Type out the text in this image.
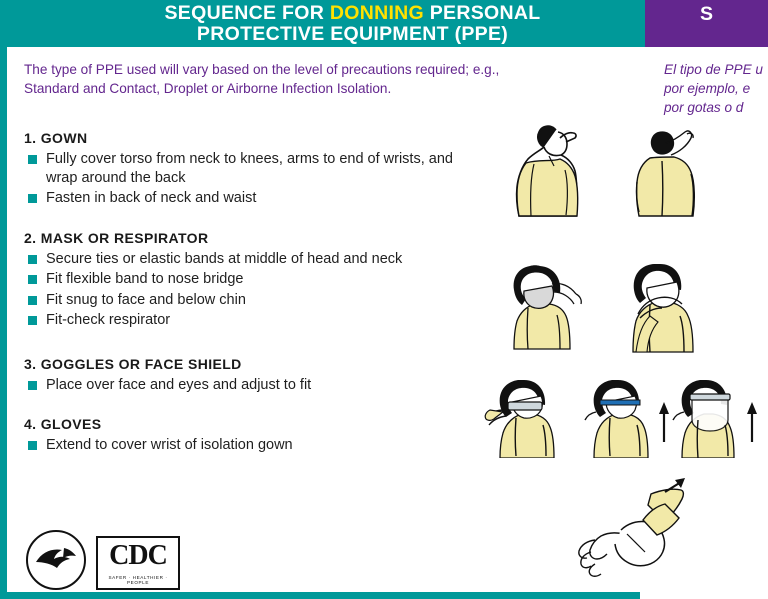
SEQUENCE FOR DONNING PERSONAL
PROTECTIVE EQUIPMENT (PPE)
S
The type of PPE used will vary based on the level of precautions required; e.g., Standard and Contact, Droplet or Airborne Infection Isolation.
El tipo de PPE u por ejemplo, e por gotas o d
1. GOWN
Fully cover torso from neck to knees, arms to end of wrists, and wrap around the back
Fasten in back of neck and waist
2. MASK OR RESPIRATOR
Secure ties or elastic bands at middle of head and neck
Fit flexible band to nose bridge
Fit snug to face and below chin
Fit-check respirator
3. GOGGLES OR FACE SHIELD
Place over face and eyes and adjust to fit
4. GLOVES
Extend to cover wrist of isolation gown
CDC
SAFER · HEALTHIER · PEOPLE
